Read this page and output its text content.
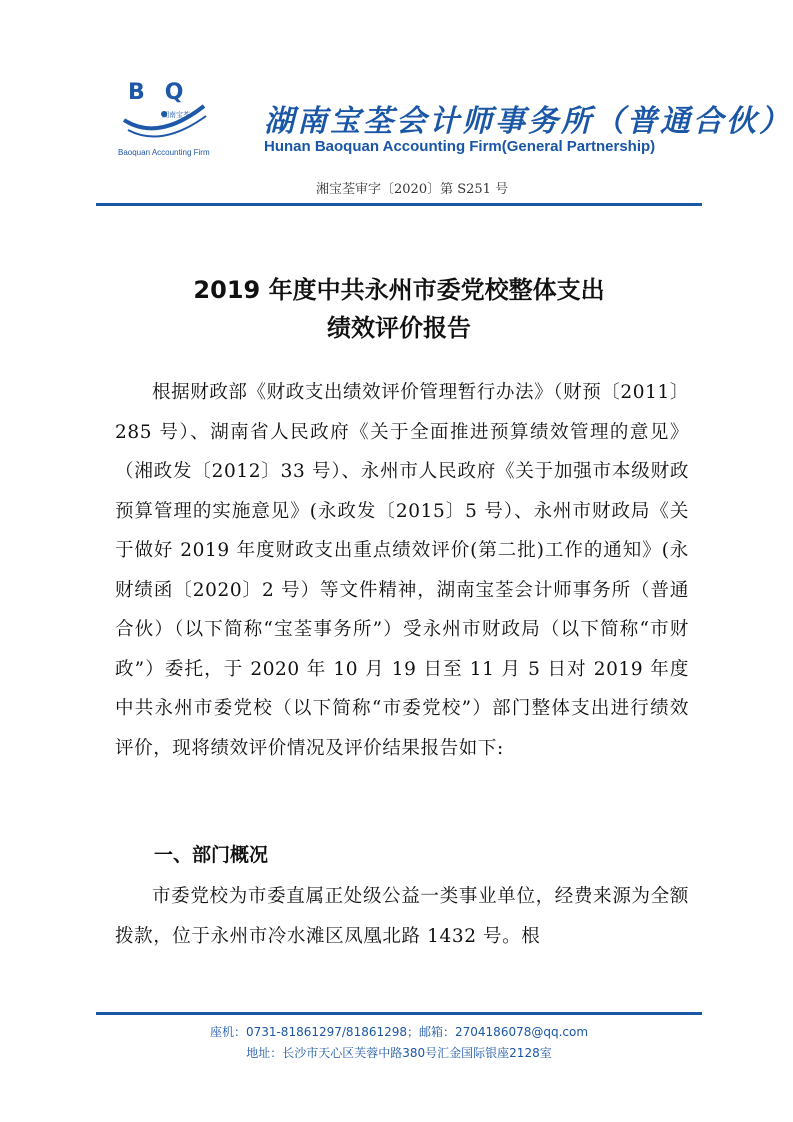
BQ
湖南宝荃
Baoquan Accounting Firm
湖南宝荃会计师事务所（普通合伙）
Hunan Baoquan Accounting Firm(General Partnership)
湘宝荃审字〔2020〕第 S251 号
2019 年度中共永州市委党校整体支出
绩效评价报告

根据财政部《财政支出绩效评价管理暂行办法》（财预〔2011〕285 号）、湖南省人民政府《关于全面推进预算绩效管理的意见》（湘政发〔2012〕33 号）、永州市人民政府《关于加强市本级财政预算管理的实施意见》(永政发〔2015〕5 号）、永州市财政局《关于做好 2019 年度财政支出重点绩效评价(第二批)工作的通知》(永财绩函〔2020〕2 号）等文件精神，湖南宝荃会计师事务所（普通合伙）（以下简称“宝荃事务所”）受永州市财政局（以下简称“市财政”）委托，于 2020 年 10 月 19 日至 11 月 5 日对 2019 年度中共永州市委党校（以下简称“市委党校”）部门整体支出进行绩效评价，现将绩效评价情况及评价结果报告如下:

一、部门概况

市委党校为市委直属正处级公益一类事业单位，经费来源为全额拨款，位于永州市冷水滩区凤凰北路 1432 号。根

座机：0731-81861297/81861298；邮箱：2704186078@qq.com
地址：长沙市天心区芙蓉中路380号汇金国际银座2128室
